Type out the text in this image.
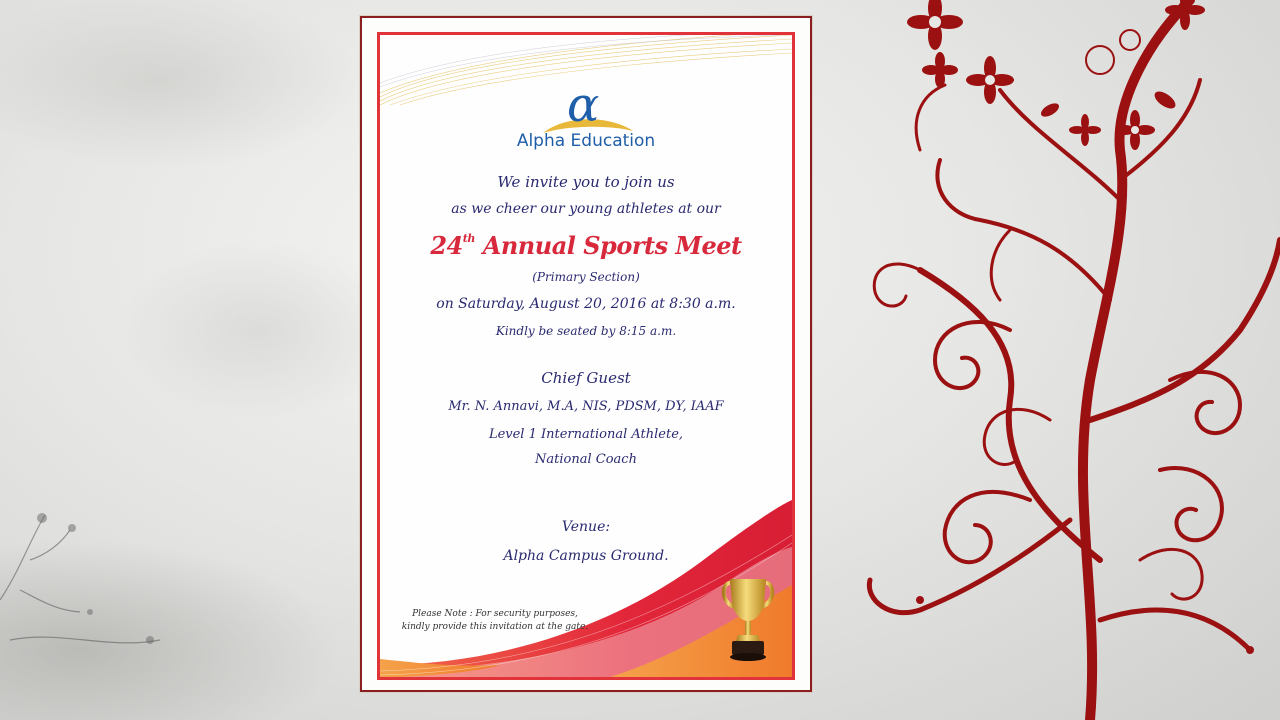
α
Alpha Education
We invite you to join us
as we cheer our young athletes at our
24th Annual Sports Meet
(Primary Section)
on Saturday, August 20, 2016 at 8:30 a.m.
Kindly be seated by 8:15 a.m.
Chief Guest
Mr. N. Annavi, M.A, NIS, PDSM, DY, IAAF
Level 1 International Athlete,
National Coach
Venue:
Alpha Campus Ground.
Please Note : For security purposes,
kindly provide this invitation at the gate.
